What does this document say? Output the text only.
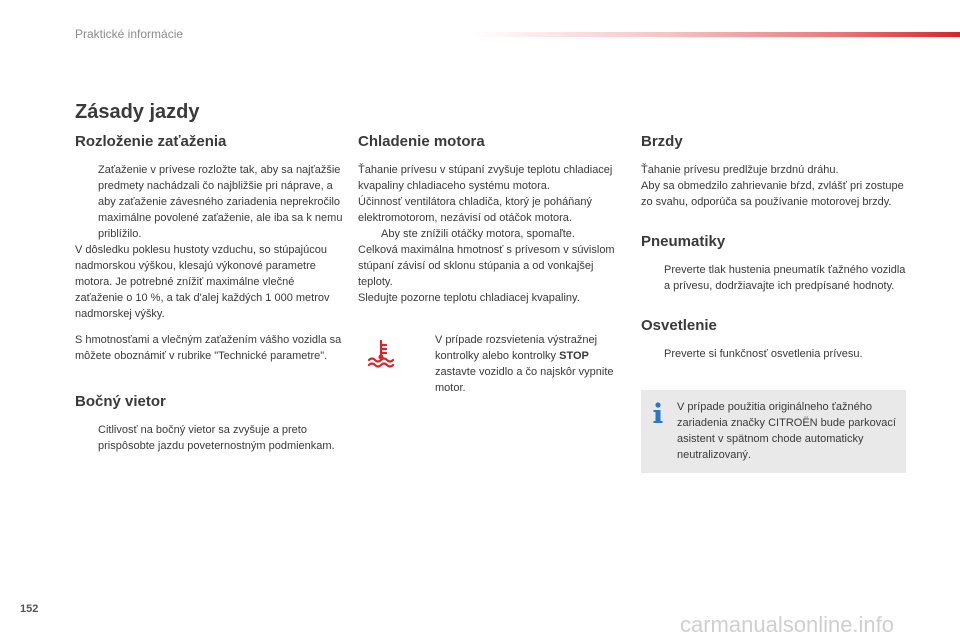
Praktické informácie
Zásady jazdy
Rozloženie zaťaženia

Zaťaženie v prívese rozložte tak, aby sa najťažšie predmety nachádzali čo najbližšie pri náprave, a aby zaťaženie závesného zariadenia neprekročilo maximálne povolené zaťaženie, ale iba sa k nemu priblížilo.

V dôsledku poklesu hustoty vzduchu, so stúpajúcou nadmorskou výškou, klesajú výkonové parametre motora. Je potrebné znížiť maximálne vlečné zaťaženie o 10 %, a tak d'alej každých 1 000 metrov nadmorskej výšky.

S hmotnosťami a vlečným zaťažením vášho vozidla sa môžete oboznámiť v rubrike "Technické parametre".

Bočný vietor

Citlivosť na bočný vietor sa zvyšuje a preto prispôsobte jazdu poveternostným podmienkam.

Chladenie motora

Ťahanie prívesu v stúpaní zvyšuje teplotu chladiacej kvapaliny chladiaceho systému motora.

Účinnosť ventilátora chladiča, ktorý je poháňaný elektromotorom, nezávisí od otáčok motora.

Aby ste znížili otáčky motora, spomaľte.

Celková maximálna hmotnosť s prívesom v súvislom stúpaní závisí od sklonu stúpania a od vonkajšej teploty.

Sledujte pozorne teplotu chladiacej kvapaliny.

V prípade rozsvietenia výstražnej kontrolky alebo kontrolky STOP zastavte vozidlo a čo najskôr vypnite motor.

Brzdy

Ťahanie prívesu predlžuje brzdnú dráhu.

Aby sa obmedzilo zahrievanie bŕzd, zvlášť pri zostupe zo svahu, odporúča sa používanie motorovej brzdy.

Pneumatiky

Preverte tlak hustenia pneumatík ťažného vozidla a prívesu, dodržiavajte ich predpísané hodnoty.

Osvetlenie

Preverte si funkčnosť osvetlenia prívesu.

V prípade použitia originálneho ťažného zariadenia značky CITROËN bude parkovací asistent v spätnom chode automaticky neutralizovaný.

152
carmanualsonline.info
